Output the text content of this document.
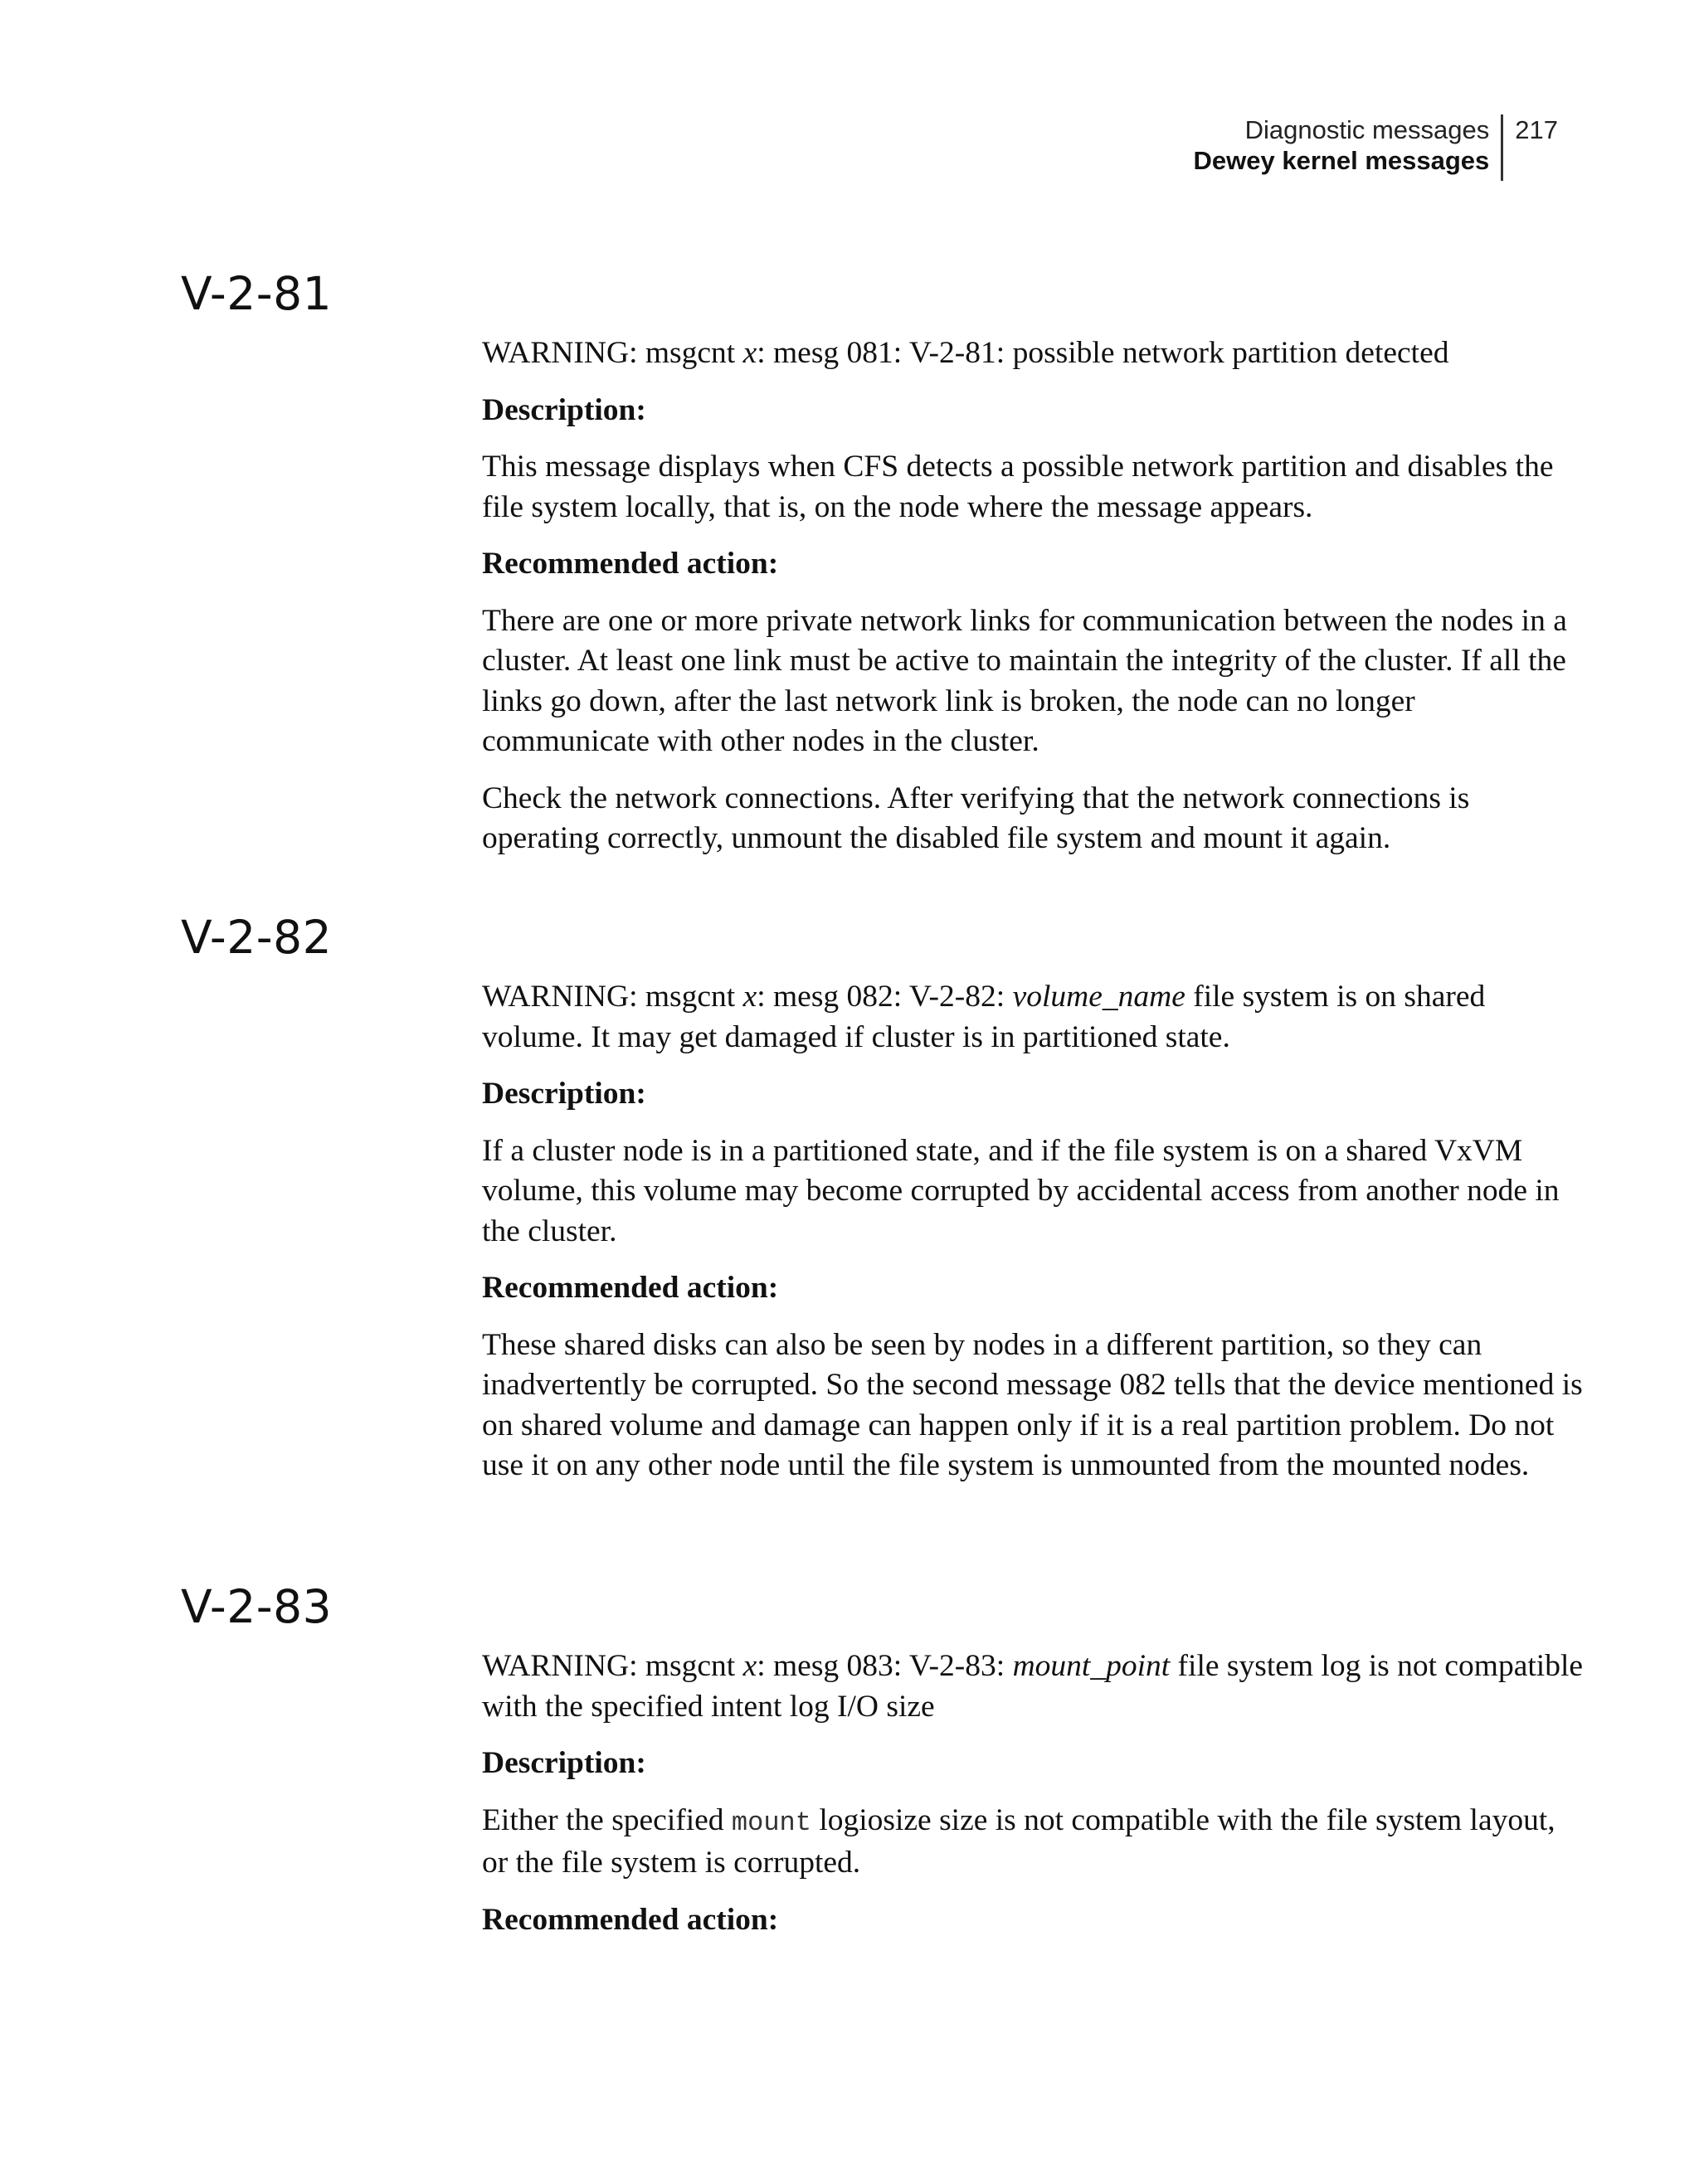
Diagnostic messages
Dewey kernel messages
217
V-2-81

WARNING: msgcnt x: mesg 081: V-2-81: possible network partition detected

Description:

This message displays when CFS detects a possible network partition and disables the file system locally, that is, on the node where the message appears.

Recommended action:

There are one or more private network links for communication between the nodes in a cluster. At least one link must be active to maintain the integrity of the cluster. If all the links go down, after the last network link is broken, the node can no longer communicate with other nodes in the cluster.

Check the network connections. After verifying that the network connections is operating correctly, unmount the disabled file system and mount it again.

V-2-82

WARNING: msgcnt x: mesg 082: V-2-82: volume_name file system is on shared volume. It may get damaged if cluster is in partitioned state.

Description:

If a cluster node is in a partitioned state, and if the file system is on a shared VxVM volume, this volume may become corrupted by accidental access from another node in the cluster.

Recommended action:

These shared disks can also be seen by nodes in a different partition, so they can inadvertently be corrupted. So the second message 082 tells that the device mentioned is on shared volume and damage can happen only if it is a real partition problem. Do not use it on any other node until the file system is unmounted from the mounted nodes.

V-2-83

WARNING: msgcnt x: mesg 083: V-2-83: mount_point file system log is not compatible with the specified intent log I/O size

Description:

Either the specified mount logiosize size is not compatible with the file system layout, or the file system is corrupted.

Recommended action:
